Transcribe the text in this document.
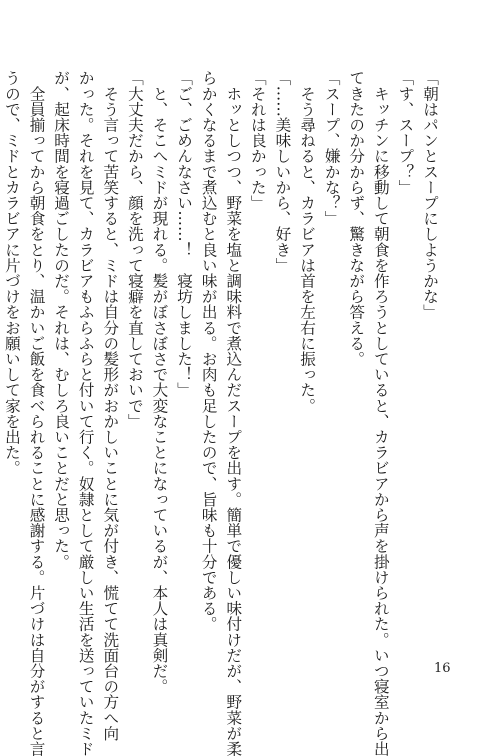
「朝はパンとスープにしようかな」
「す、スープ？」
　キッチンに移動して朝食を作ろうとしていると、カラビアから声を掛けられた。いつ寝室から出
てきたのか分からず、驚きながら答える。
「スープ、嫌かな？」
　そう尋ねると、カラビアは首を左右に振った。
「……美味しいから、好き」
「それは良かった」
　ホッとしつつ、野菜を塩と調味料で煮込んだスープを出す。簡単で優しい味付けだが、野菜が柔
らかくなるまで煮込むと良い味が出る。お肉も足したので、旨味も十分である。
「ご、ごめんなさい……！　寝坊しました！」
　と、そこへミドが現れる。髪がぼさぼさで大変なことになっているが、本人は真剣だ。
「大丈夫だから、顔を洗って寝癖を直しておいで」
　そう言って苦笑すると、ミドは自分の髪形がおかしいことに気が付き、慌てて洗面台の方へ向
かった。それを見て、カラビアもふらふらと付いて行く。奴隷として厳しい生活を送っていたミド
が、起床時間を寝過ごしたのだ。それは、むしろ良いことだと思った。
　全員揃ってから朝食をとり、温かいご飯を食べられることに感謝する。片づけは自分がすると言
うので、ミドとカラビアに片づけをお願いして家を出た。
16
